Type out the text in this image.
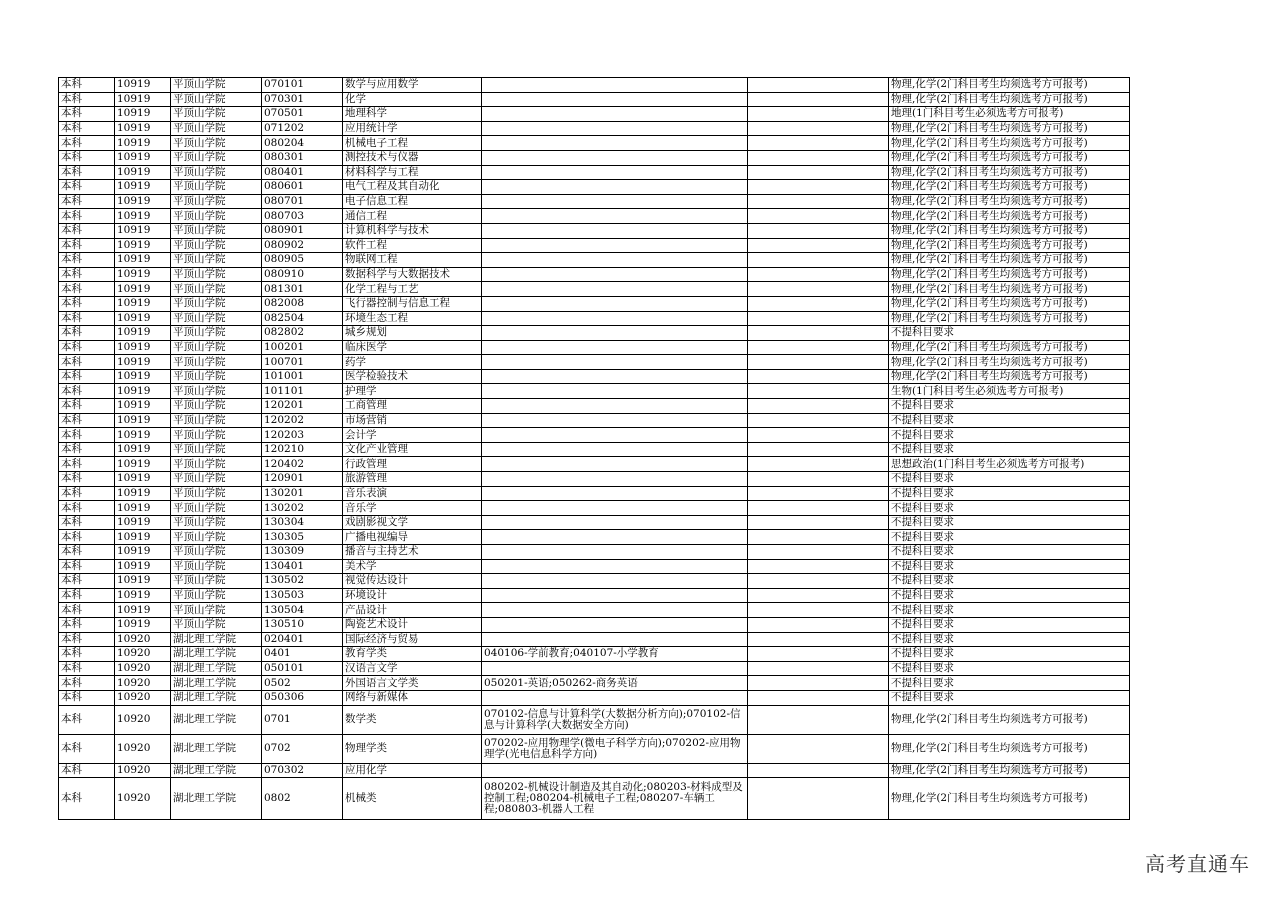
本科	10919	平顶山学院	070101	数学与应用数学			物理,化学(2门科目考生均须选考方可报考)
本科	10919	平顶山学院	070301	化学			物理,化学(2门科目考生均须选考方可报考)
本科	10919	平顶山学院	070501	地理科学			地理(1门科目考生必须选考方可报考)
本科	10919	平顶山学院	071202	应用统计学			物理,化学(2门科目考生均须选考方可报考)
本科	10919	平顶山学院	080204	机械电子工程			物理,化学(2门科目考生均须选考方可报考)
本科	10919	平顶山学院	080301	测控技术与仪器			物理,化学(2门科目考生均须选考方可报考)
本科	10919	平顶山学院	080401	材料科学与工程			物理,化学(2门科目考生均须选考方可报考)
本科	10919	平顶山学院	080601	电气工程及其自动化			物理,化学(2门科目考生均须选考方可报考)
本科	10919	平顶山学院	080701	电子信息工程			物理,化学(2门科目考生均须选考方可报考)
本科	10919	平顶山学院	080703	通信工程			物理,化学(2门科目考生均须选考方可报考)
本科	10919	平顶山学院	080901	计算机科学与技术			物理,化学(2门科目考生均须选考方可报考)
本科	10919	平顶山学院	080902	软件工程			物理,化学(2门科目考生均须选考方可报考)
本科	10919	平顶山学院	080905	物联网工程			物理,化学(2门科目考生均须选考方可报考)
本科	10919	平顶山学院	080910	数据科学与大数据技术			物理,化学(2门科目考生均须选考方可报考)
本科	10919	平顶山学院	081301	化学工程与工艺			物理,化学(2门科目考生均须选考方可报考)
本科	10919	平顶山学院	082008	飞行器控制与信息工程			物理,化学(2门科目考生均须选考方可报考)
本科	10919	平顶山学院	082504	环境生态工程			物理,化学(2门科目考生均须选考方可报考)
本科	10919	平顶山学院	082802	城乡规划			不提科目要求
本科	10919	平顶山学院	100201	临床医学			物理,化学(2门科目考生均须选考方可报考)
本科	10919	平顶山学院	100701	药学			物理,化学(2门科目考生均须选考方可报考)
本科	10919	平顶山学院	101001	医学检验技术			物理,化学(2门科目考生均须选考方可报考)
本科	10919	平顶山学院	101101	护理学			生物(1门科目考生必须选考方可报考)
本科	10919	平顶山学院	120201	工商管理			不提科目要求
本科	10919	平顶山学院	120202	市场营销			不提科目要求
本科	10919	平顶山学院	120203	会计学			不提科目要求
本科	10919	平顶山学院	120210	文化产业管理			不提科目要求
本科	10919	平顶山学院	120402	行政管理			思想政治(1门科目考生必须选考方可报考)
本科	10919	平顶山学院	120901	旅游管理			不提科目要求
本科	10919	平顶山学院	130201	音乐表演			不提科目要求
本科	10919	平顶山学院	130202	音乐学			不提科目要求
本科	10919	平顶山学院	130304	戏剧影视文学			不提科目要求
本科	10919	平顶山学院	130305	广播电视编导			不提科目要求
本科	10919	平顶山学院	130309	播音与主持艺术			不提科目要求
本科	10919	平顶山学院	130401	美术学			不提科目要求
本科	10919	平顶山学院	130502	视觉传达设计			不提科目要求
本科	10919	平顶山学院	130503	环境设计			不提科目要求
本科	10919	平顶山学院	130504	产品设计			不提科目要求
本科	10919	平顶山学院	130510	陶瓷艺术设计			不提科目要求
本科	10920	湖北理工学院	020401	国际经济与贸易			不提科目要求
本科	10920	湖北理工学院	0401	教育学类	040106-学前教育;040107-小学教育		不提科目要求
本科	10920	湖北理工学院	050101	汉语言文学			不提科目要求
本科	10920	湖北理工学院	0502	外国语言文学类	050201-英语;050262-商务英语		不提科目要求
本科	10920	湖北理工学院	050306	网络与新媒体			不提科目要求
本科	10920	湖北理工学院	0701	数学类	070102-信息与计算科学(大数据分析方向);070102-信息与计算科学(大数据安全方向)		物理,化学(2门科目考生均须选考方可报考)
本科	10920	湖北理工学院	0702	物理学类	070202-应用物理学(微电子科学方向);070202-应用物理学(光电信息科学方向)		物理,化学(2门科目考生均须选考方可报考)
本科	10920	湖北理工学院	070302	应用化学			物理,化学(2门科目考生均须选考方可报考)
本科	10920	湖北理工学院	0802	机械类	080202-机械设计制造及其自动化;080203-材料成型及控制工程;080204-机械电子工程;080207-车辆工程;080803-机器人工程		物理,化学(2门科目考生均须选考方可报考)
高考直通车
